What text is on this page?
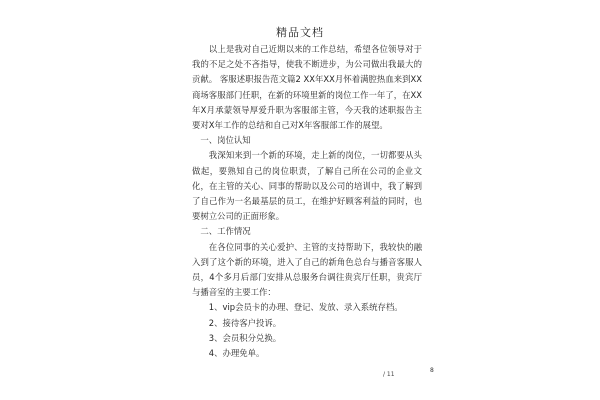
精品文档

以上是我对自己近期以来的工作总结，希望各位领导对于我的不足之处不吝指导，使我不断进步，为公司做出我最大的贡献。 客服述职报告范文篇2 XX年XX月怀着满腔热血来到XX商场客服部门任职，在新的环境里新的岗位工作一年了，在XX年X月承蒙领导厚爱升职为客服部主管，今天我的述职报告主要对X年工作的总结和自己对X年客服部工作的展望。

一、岗位认知

我深知来到一个新的环境，走上新的岗位，一切都要从头做起，要熟知自己的岗位职责，了解自己所在公司的企业文化，在主管的关心、同事的帮助以及公司的培训中，我了解到了自己作为一名最基层的员工，在维护好顾客利益的同时，也要树立公司的正面形象。

二、工作情况

在各位同事的关心爱护、主管的支持帮助下，我较快的融入到了这个新的环境，进入了自己的新角色总台与播音客服人员，4个多月后部门安排从总服务台调往贵宾厅任职，贵宾厅与播音室的主要工作：

1、vip会员卡的办理、登记、发放、录入系统存档。

2、接待客户投诉。

3、会员积分兑换。

4、办理免单。

/ 11
8
